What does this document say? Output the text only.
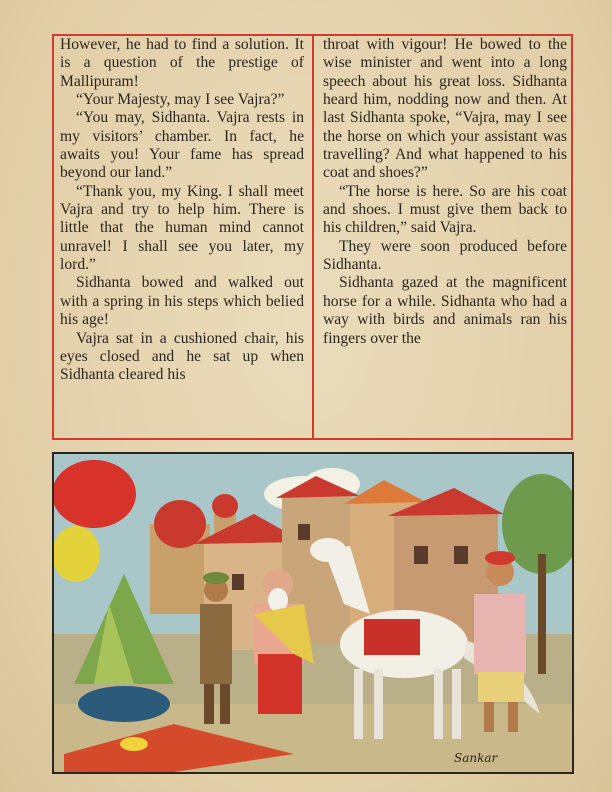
However, he had to find a solution. It is a question of the prestige of Mallipuram!

“Your Majesty, may I see Vajra?”

“You may, Sidhanta. Vajra rests in my visitors’ chamber. In fact, he awaits you! Your fame has spread beyond our land.”

“Thank you, my King. I shall meet Vajra and try to help him. There is little that the human mind cannot unravel! I shall see you later, my lord.”

Sidhanta bowed and walked out with a spring in his steps which belied his age!

Vajra sat in a cushioned chair, his eyes closed and he sat up when Sidhanta cleared his

throat with vigour! He bowed to the wise minister and went into a long speech about his great loss. Sidhanta heard him, nodding now and then. At last Sidhanta spoke, “Vajra, may I see the horse on which your assistant was travelling? And what happened to his coat and shoes?”

“The horse is here. So are his coat and shoes. I must give them back to his children,” said Vajra.

They were soon produced before Sidhanta.

Sidhanta gazed at the magnificent horse for a while. Sidhanta who had a way with birds and animals ran his fingers over the

Sankar
